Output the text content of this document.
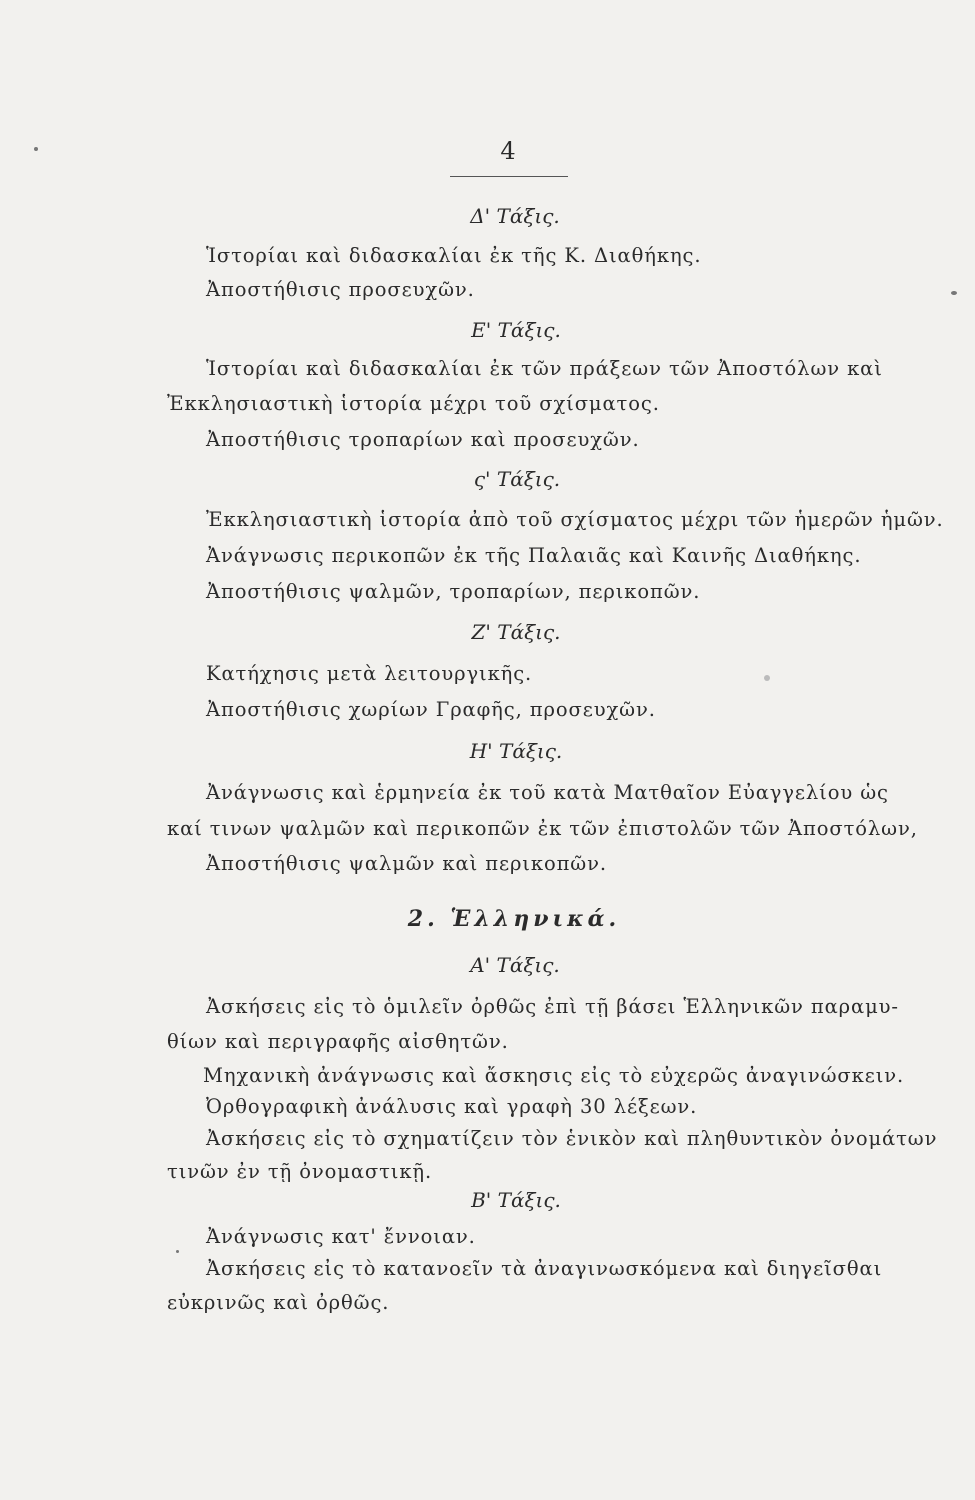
4
Δ' Τάξις.
Ἱστορίαι καὶ διδασκαλίαι ἐκ τῆς Κ. Διαθήκης.
Ἀποστήθισις προσευχῶν.
Ε' Τάξις.
Ἱστορίαι καὶ διδασκαλίαι ἐκ τῶν πράξεων τῶν Ἀποστόλων καὶ
Ἐκκλησιαστικὴ ἱστορία μέχρι τοῦ σχίσματος.
Ἀποστήθισις τροπαρίων καὶ προσευχῶν.
ς' Τάξις.
Ἐκκλησιαστικὴ ἱστορία ἀπὸ τοῦ σχίσματος μέχρι τῶν ἡμερῶν ἡμῶν.
Ἀνάγνωσις περικοπῶν ἐκ τῆς Παλαιᾶς καὶ Καινῆς Διαθήκης.
Ἀποστήθισις ψαλμῶν, τροπαρίων, περικοπῶν.
Ζ' Τάξις.
Κατήχησις μετὰ λειτουργικῆς.
Ἀποστήθισις χωρίων Γραφῆς, προσευχῶν.
Η' Τάξις.
Ἀνάγνωσις καὶ ἑρμηνεία ἐκ τοῦ κατὰ Ματθαῖον Εὐαγγελίου ὡς
καί τινων ψαλμῶν καὶ περικοπῶν ἐκ τῶν ἐπιστολῶν τῶν Ἀποστόλων,
Ἀποστήθισις ψαλμῶν καὶ περικοπῶν.
2. Ἑλληνικά.
Α' Τάξις.
Ἀσκήσεις εἰς τὸ ὁμιλεῖν ὀρθῶς ἐπὶ τῇ βάσει Ἑλληνικῶν παραμυ-
θίων καὶ περιγραφῆς αἰσθητῶν.
Μηχανικὴ ἀνάγνωσις καὶ ἄσκησις εἰς τὸ εὐχερῶς ἀναγινώσκειν.
Ὀρθογραφικὴ ἀνάλυσις καὶ γραφὴ 30 λέξεων.
Ἀσκήσεις εἰς τὸ σχηματίζειν τὸν ἑνικὸν καὶ πληθυντικὸν ὀνομάτων
τινῶν ἐν τῇ ὀνομαστικῇ.
Β' Τάξις.
Ἀνάγνωσις κατ' ἔννοιαν.
Ἀσκήσεις εἰς τὸ κατανοεῖν τὰ ἀναγινωσκόμενα καὶ διηγεῖσθαι
εὐκρινῶς καὶ ὀρθῶς.
